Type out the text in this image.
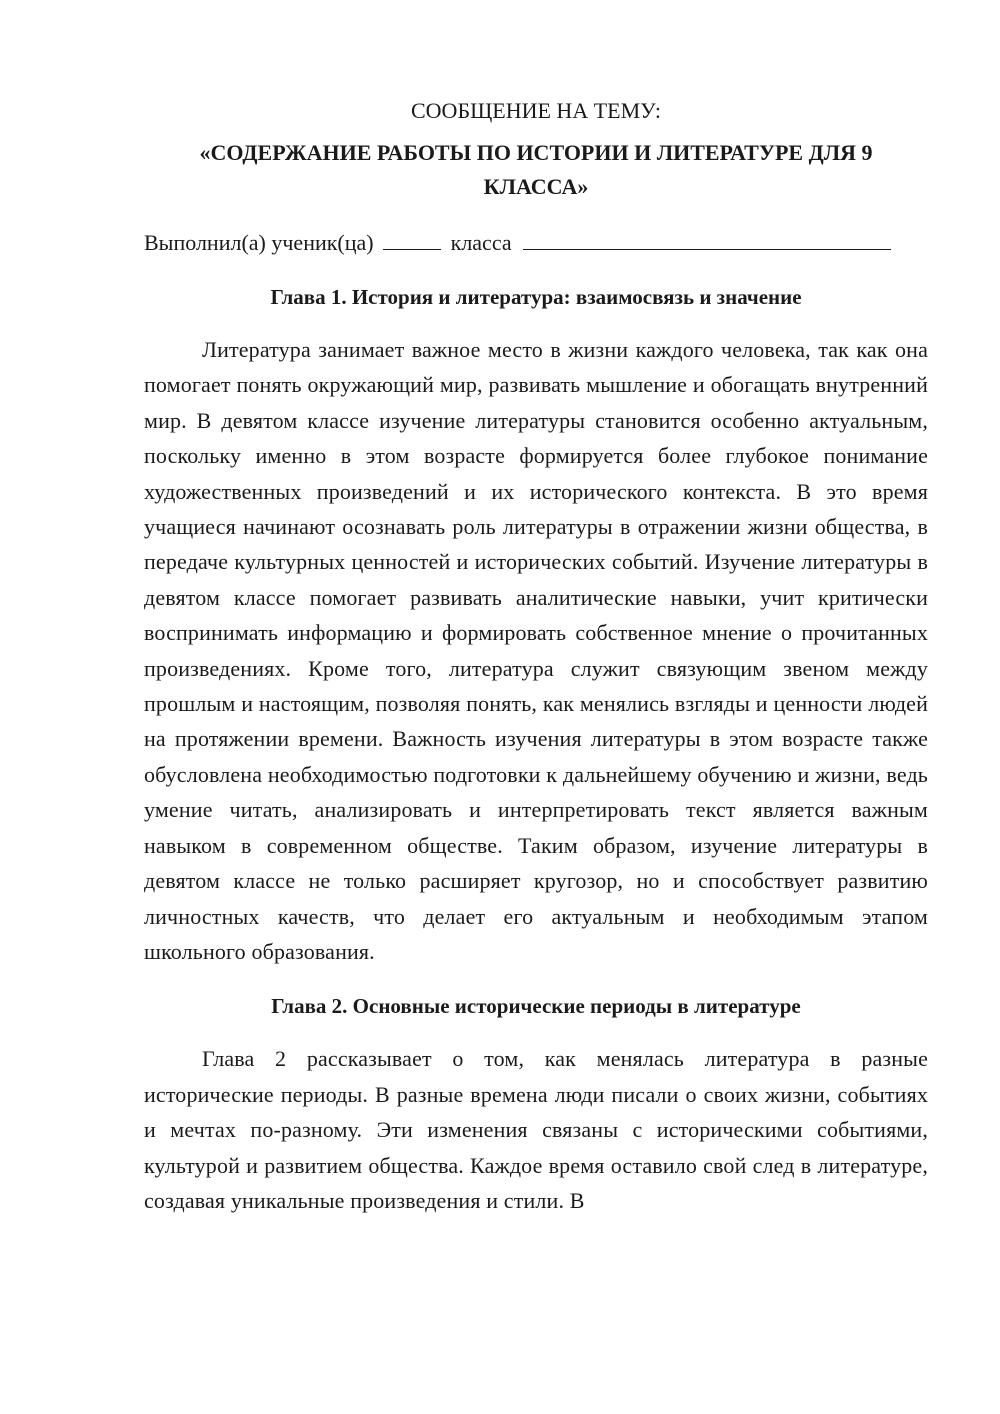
СООБЩЕНИЕ НА ТЕМУ:

«СОДЕРЖАНИЕ РАБОТЫ ПО ИСТОРИИ И ЛИТЕРАТУРЕ ДЛЯ 9

КЛАССА»

Выполнил(а) ученик(ца)	класса

Глава 1. История и литература: взаимосвязь и значение

Литература занимает важное место в жизни каждого человека, так как она помогает понять окружающий мир, развивать мышление и обогащать внутренний мир. В девятом классе изучение литературы становится особенно актуальным, поскольку именно в этом возрасте формируется более глубокое понимание художественных произведений и их исторического контекста. В это время учащиеся начинают осознавать роль литературы в отражении жизни общества, в передаче культурных ценностей и исторических событий. Изучение литературы в девятом классе помогает развивать аналитические навыки, учит критически воспринимать информацию и формировать собственное мнение о прочитанных произведениях. Кроме того, литература служит связующим звеном между прошлым и настоящим, позволяя понять, как менялись взгляды и ценности людей на протяжении времени. Важность изучения литературы в этом возрасте также обусловлена необходимостью подготовки к дальнейшему обучению и жизни, ведь умение читать, анализировать и интерпретировать текст является важным навыком в современном обществе. Таким образом, изучение литературы в девятом классе не только расширяет кругозор, но и способствует развитию личностных качеств, что делает его актуальным и необходимым этапом школьного образования.

Глава 2. Основные исторические периоды в литературе

Глава 2 рассказывает о том, как менялась литература в разные исторические периоды. В разные времена люди писали о своих жизни, событиях и мечтах по-разному. Эти изменения связаны с историческими событиями, культурой и развитием общества. Каждое время оставило свой след в литературе, создавая уникальные произведения и стили. В
